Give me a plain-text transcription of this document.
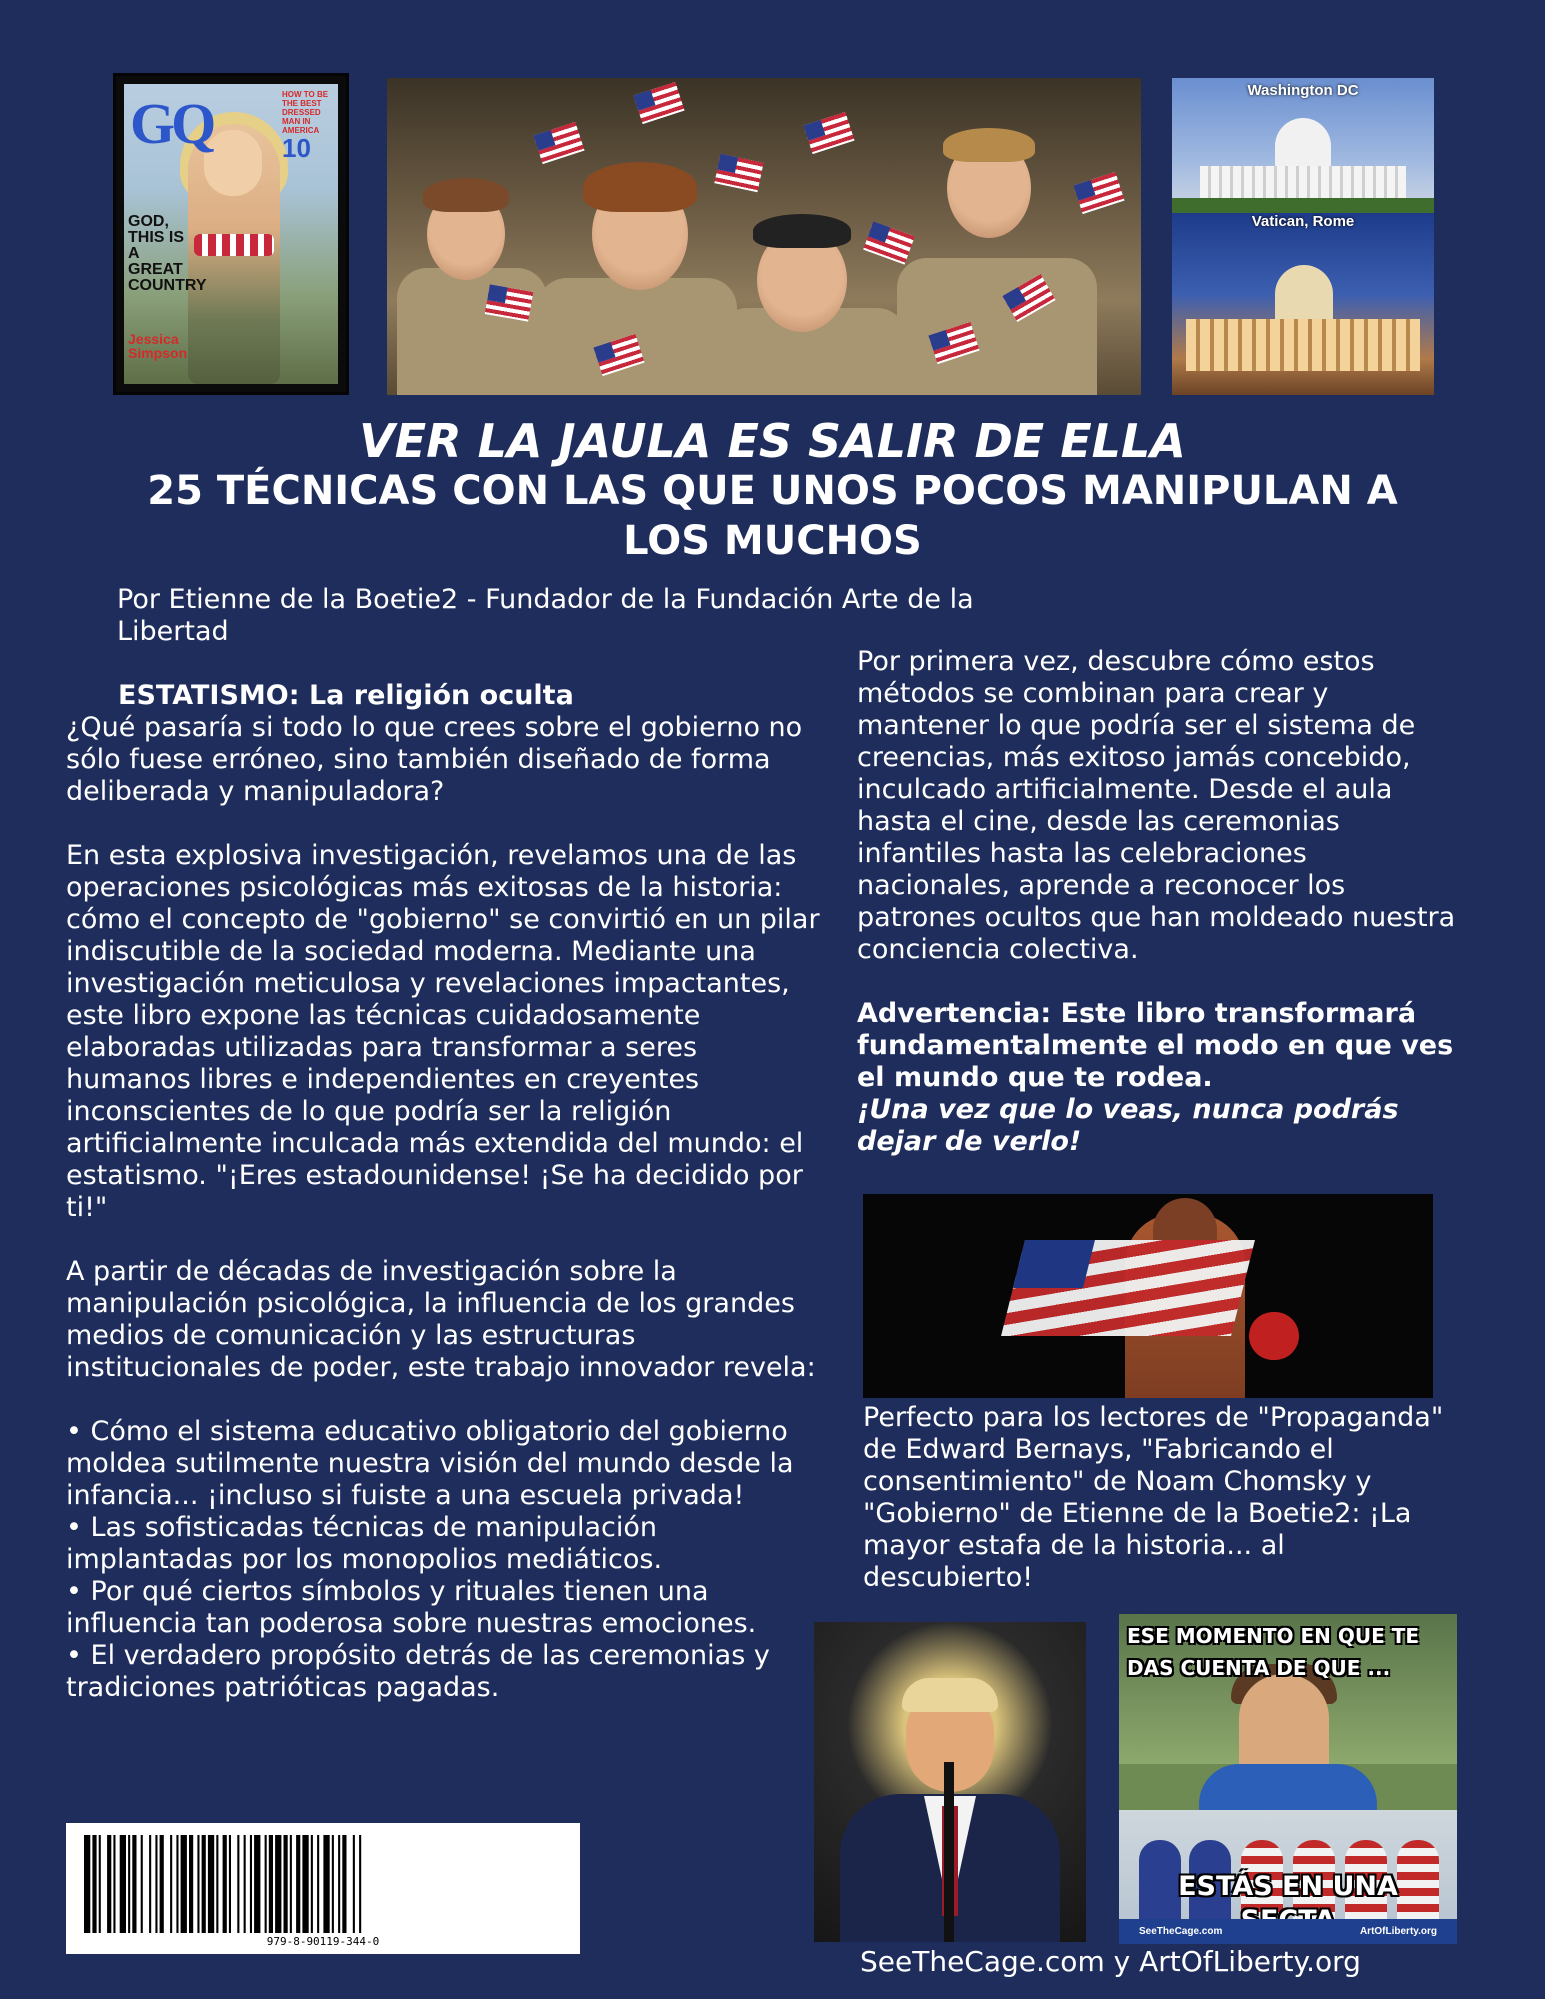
GQ	HOW TO BE THE BEST DRESSED MAN IN AMERICA
10
GOD, THIS IS A GREAT COUNTRY
Jessica Simpson
Washington DC
Vatican, Rome
VER LA JAULA ES SALIR DE ELLA
25 TÉCNICAS CON LAS QUE UNOS POCOS MANIPULAN A LOS MUCHOS
Por Etienne de la Boetie2 - Fundador de la Fundación Arte de la Libertad
ESTATISMO: La religión oculta

¿Qué pasaría si todo lo que crees sobre el gobierno no sólo fuese erróneo, sino también diseñado de forma deliberada y manipuladora?

En esta explosiva investigación, revelamos una de las operaciones psicológicas más exitosas de la historia: cómo el concepto de "gobierno" se convirtió en un pilar indiscutible de la sociedad moderna. Mediante una investigación meticulosa y revelaciones impactantes, este libro expone las técnicas cuidadosamente elaboradas utilizadas para transformar a seres humanos libres e independientes en creyentes inconscientes de lo que podría ser la religión artificialmente inculcada más extendida del mundo: el estatismo. "¡Eres estadounidense! ¡Se ha decidido por ti!"

A partir de décadas de investigación sobre la manipulación psicológica, la influencia de los grandes medios de comunicación y las estructuras institucionales de poder, este trabajo innovador revela:

• Cómo el sistema educativo obligatorio del gobierno moldea sutilmente nuestra visión del mundo desde la infancia... ¡incluso si fuiste a una escuela privada!

• Las sofisticadas técnicas de manipulación implantadas por los monopolios mediáticos.

• Por qué ciertos símbolos y rituales tienen una influencia tan poderosa sobre nuestras emociones.

• El verdadero propósito detrás de las ceremonias y tradiciones patrióticas pagadas.

Por primera vez, descubre cómo estos métodos se combinan para crear y mantener lo que podría ser el sistema de creencias, más exitoso jamás concebido, inculcado artificialmente. Desde el aula hasta el cine, desde las ceremonias infantiles hasta las celebraciones nacionales, aprende a reconocer los patrones ocultos que han moldeado nuestra conciencia colectiva.

Advertencia: Este libro transformará fundamentalmente el modo en que ves el mundo que te rodea.

¡Una vez que lo veas, nunca podrás dejar de verlo!

Perfecto para los lectores de "Propaganda" de Edward Bernays, "Fabricando el consentimiento" de Noam Chomsky y "Gobierno" de Etienne de la Boetie2: ¡La mayor estafa de la historia... al descubierto!
ESE MOMENTO EN QUE TE DAS CUENTA DE QUE ...
ESTÁS EN UNA
SeeTheCage.com	ArtOfLiberty.org
979-8-90119-344-0
SeeTheCage.com y ArtOfLiberty.org
